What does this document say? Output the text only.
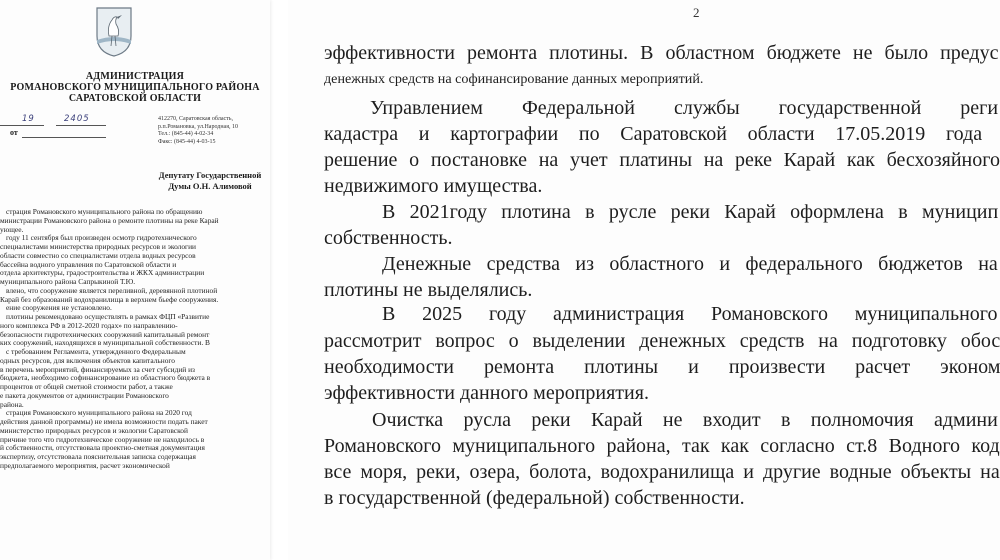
АДМИНИСТРАЦИЯ
РОМАНОВСКОГО МУНИЦИПАЛЬНОГО РАЙОНА
САРАТОВСКОЙ ОБЛАСТИ
412270, Саратовская область,
р.п.Романовка, ул.Народная, 10
Тел.: (845-44) 4-02-34
Факс: (845-44) 4-03-15
19	2405
от
Депутату Государственной
Думы О.Н. Алимовой
страция Романовского муниципального района по обращению
министрации Романовского района о ремонте плотины на реке Карай
ующее.
году 11 сентября был произведен осмотр гидротехнического
специалистами министерства природных ресурсов и экологии
области совместно со специалистами отдела водных ресурсов
бассейна водного управления по Саратовской области и
отдела архитектуры, градостроительства и ЖКХ администрации
муниципального района Сапрыкиной Т.Ю.
влено, что сооружение является переливной, деревянной плотиной
Карай без образований водохранилища в верхнем бьефе сооружения.
ение сооружения не установлено.
плотины рекомендовано осуществлять в рамках ФЦП «Развитие
ного комплекса РФ в 2012-2020 годах» по направлению-
безопасности гидротехнических сооружений капитальный ремонт
ких сооружений, находящихся в муниципальной собственности. В
с требованием Регламента, утвержденного Федеральным
одных ресурсов, для включения объектов капитального
в перечень мероприятий, финансируемых за счет субсидий из
бюджета, необходимо софинансирование из областного бюджета в
процентов от общей сметной стоимости работ, а также
е пакета документов от администрации Романовского
района.
страция Романовского муниципального района на 2020 год
действия данной программы) не имела возможности подать пакет
министерство природных ресурсов и экологии Саратовской
причине того что гидротехническое сооружение не находилось в
й собственности, отсутствовала проектно-сметная документация
экспертизу, отсутствовала пояснительная записка содержащая
предполагаемого мероприятия, расчет экономической
2
эффективности ремонта плотины. В областном бюджете не было предус
денежных средств на софинансирование данных мероприятий.
Управлением Федеральной службы государственной реги
кадастра и картографии по Саратовской области 17.05.2019 года
решение о постановке на учет платины на реке Карай как бесхозяйного
недвижимого имущества.
В 2021году плотина в русле реки Карай оформлена в муницип
собственность.
Денежные средства из областного и федерального бюджетов на
плотины не выделялись.
В 2025 году администрация Романовского муниципального
рассмотрит вопрос о выделении денежных средств на подготовку обос
необходимости ремонта плотины и произвести расчет эконом
эффективности данного мероприятия.
Очистка русла реки Карай не входит в полномочия админи
Романовского муниципального района, так как согласно ст.8 Водного код
все моря, реки, озера, болота, водохранилища и другие водные объекты на
в государственной (федеральной) собственности.
